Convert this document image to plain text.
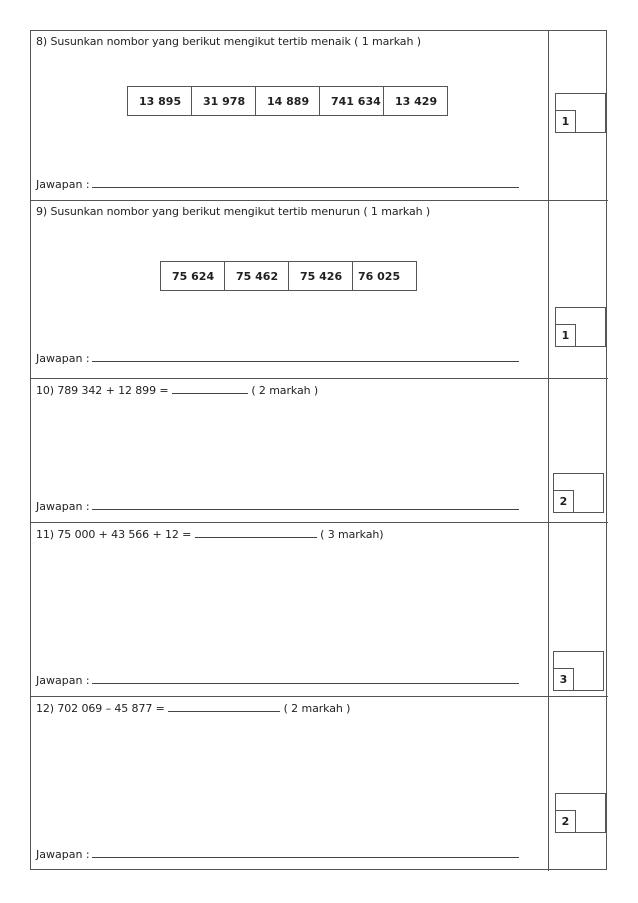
8) Susunkan nombor yang berikut mengikut tertib menaik ( 1 markah )
13 895	31 978	14 889	741 634	13 429
Jawapan :
1
9) Susunkan nombor yang berikut mengikut tertib menurun ( 1 markah )
75 624	75 462	75 426	76 025
Jawapan :
1
10) 789 342 + 12 899 =	( 2 markah )
Jawapan :	2
11) 75 000 + 43 566 + 12 =	( 3 markah)
Jawapan :	3
12) 702 069 – 45 877 =	( 2 markah )
Jawapan :
2
